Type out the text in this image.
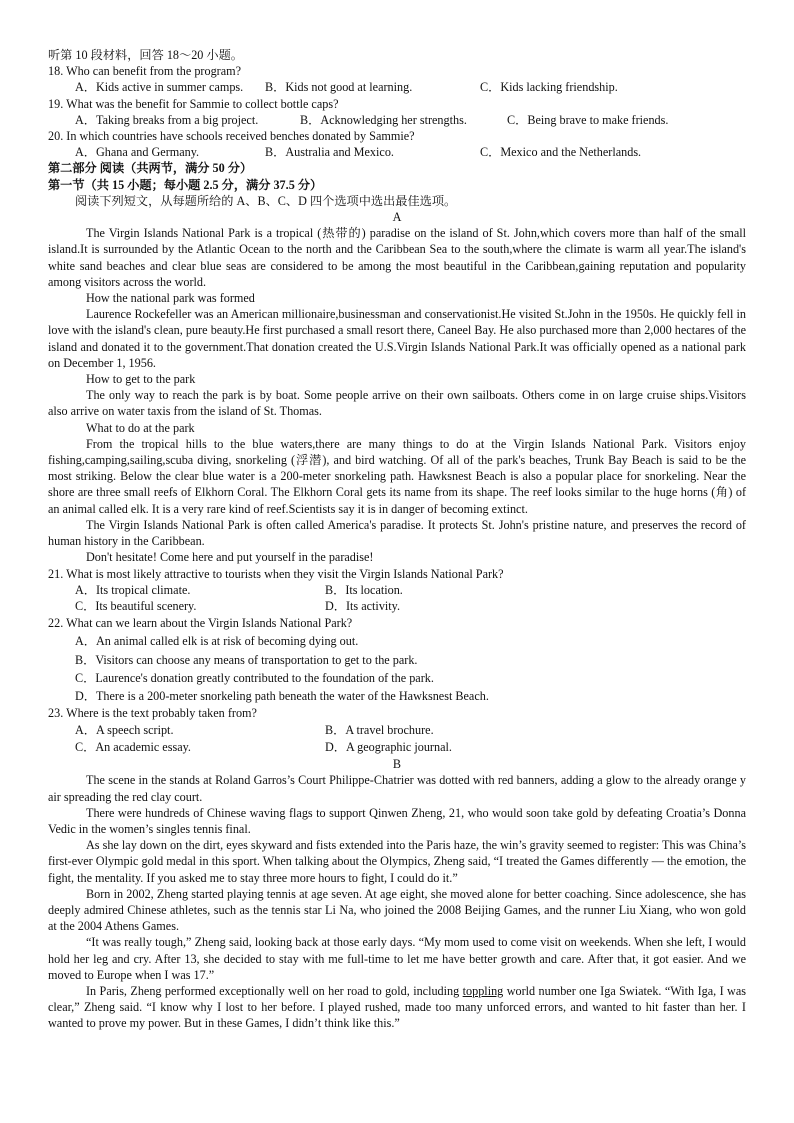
听第 10 段材料，回答 18～20 小题。
18. Who can benefit from the program?
A．Kids active in summer camps. B．Kids not good at learning.	C．Kids lacking friendship.
19. What was the benefit for Sammie to collect bottle caps?
A．Taking breaks from a big project.	B．Acknowledging her strengths.	C．Being brave to make friends.
20. In which countries have schools received benches donated by Sammie?
A．Ghana and Germany.	B．Australia and Mexico.	C．Mexico and the Netherlands.
第二部分 阅读（共两节，满分 50 分）
第一节（共 15 小题；每小题 2.5 分，满分 37.5 分）
阅读下列短文，从每题所给的 A、B、C、D 四个选项中选出最佳选项。
A

The Virgin Islands National Park is a tropical (热带的) paradise on the island of St. John,which covers more than half of the small island.It is surrounded by the Atlantic Ocean to the north and the Caribbean Sea to the south,where the climate is warm all year.The island's white sand beaches and clear blue seas are considered to be among the most beautiful in the Caribbean,gaining reputation and popularity among visitors across the world.

How the national park was formed

Laurence Rockefeller was an American millionaire,businessman and conservationist.He visited St.John in the 1950s. He quickly fell in love with the island's clean, pure beauty.He first purchased a small resort there, Caneel Bay. He also purchased more than 2,000 hectares of the island and donated it to the government.That donation created the U.S.Virgin Islands National Park.It was officially opened as a national park on December 1, 1956.

How to get to the park

The only way to reach the park is by boat. Some people arrive on their own sailboats. Others come in on large cruise ships.Visitors also arrive on water taxis from the island of St. Thomas.

What to do at the park

From the tropical hills to the blue waters,there are many things to do at the Virgin Islands National Park. Visitors enjoy fishing,camping,sailing,scuba diving, snorkeling (浮潜), and bird watching. Of all of the park's beaches, Trunk Bay Beach is said to be the most striking. Below the clear blue water is a 200-meter snorkeling path. Hawksnest Beach is also a popular place for snorkeling. Near the shore are three small reefs of Elkhorn Coral. The Elkhorn Coral gets its name from its shape. The reef looks similar to the huge horns (角) of an animal called elk. It is a very rare kind of reef.Scientists say it is in danger of becoming extinct.

The Virgin Islands National Park is often called America's paradise. It protects St. John's pristine nature, and preserves the record of human history in the Caribbean.

Don't hesitate! Come here and put yourself in the paradise!

21. What is most likely attractive to tourists when they visit the Virgin Islands National Park?
A．Its tropical climate.	B．Its location.
C．Its beautiful scenery.	D．Its activity.
22. What can we learn about the Virgin Islands National Park?
A．An animal called elk is at risk of becoming dying out.
B．Visitors can choose any means of transportation to get to the park.
C．Laurence's donation greatly contributed to the foundation of the park.
D．There is a 200-meter snorkeling path beneath the water of the Hawksnest Beach.
23. Where is the text probably taken from?
A．A speech script.	B．A travel brochure.
C．An academic essay.	D．A geographic journal.
B

The scene in the stands at Roland Garros’s Court Philippe-Chatrier was dotted with red banners, adding a glow to the already orange y air spreading the red clay court.

There were hundreds of Chinese waving flags to support Qinwen Zheng, 21, who would soon take gold by defeating Croatia’s Donna Vedic in the women’s singles tennis final.

As she lay down on the dirt, eyes skyward and fists extended into the Paris haze, the win’s gravity seemed to register: This was China’s first-ever Olympic gold medal in this sport. When talking about the Olympics, Zheng said, “I treated the Games differently — the emotion, the fight, the mentality. If you asked me to stay three more hours to fight, I could do it.”

Born in 2002, Zheng started playing tennis at age seven. At age eight, she moved alone for better coaching. Since adolescence, she has deeply admired Chinese athletes, such as the tennis star Li Na, who joined the 2008 Beijing Games, and the runner Liu Xiang, who won gold at the 2004 Athens Games.

“It was really tough,” Zheng said, looking back at those early days. “My mom used to come visit on weekends. When she left, I would hold her leg and cry. After 13, she decided to stay with me full-time to let me have better growth and care. After that, it got easier. And we moved to Europe when I was 17.”

In Paris, Zheng performed exceptionally well on her road to gold, including toppling world number one Iga Swiatek. “With Iga, I was clear,” Zheng said. “I know why I lost to her before. I played rushed, made too many unforced errors, and wanted to hit faster than her. I wanted to prove my power. But in these Games, I didn’t think like this.”
